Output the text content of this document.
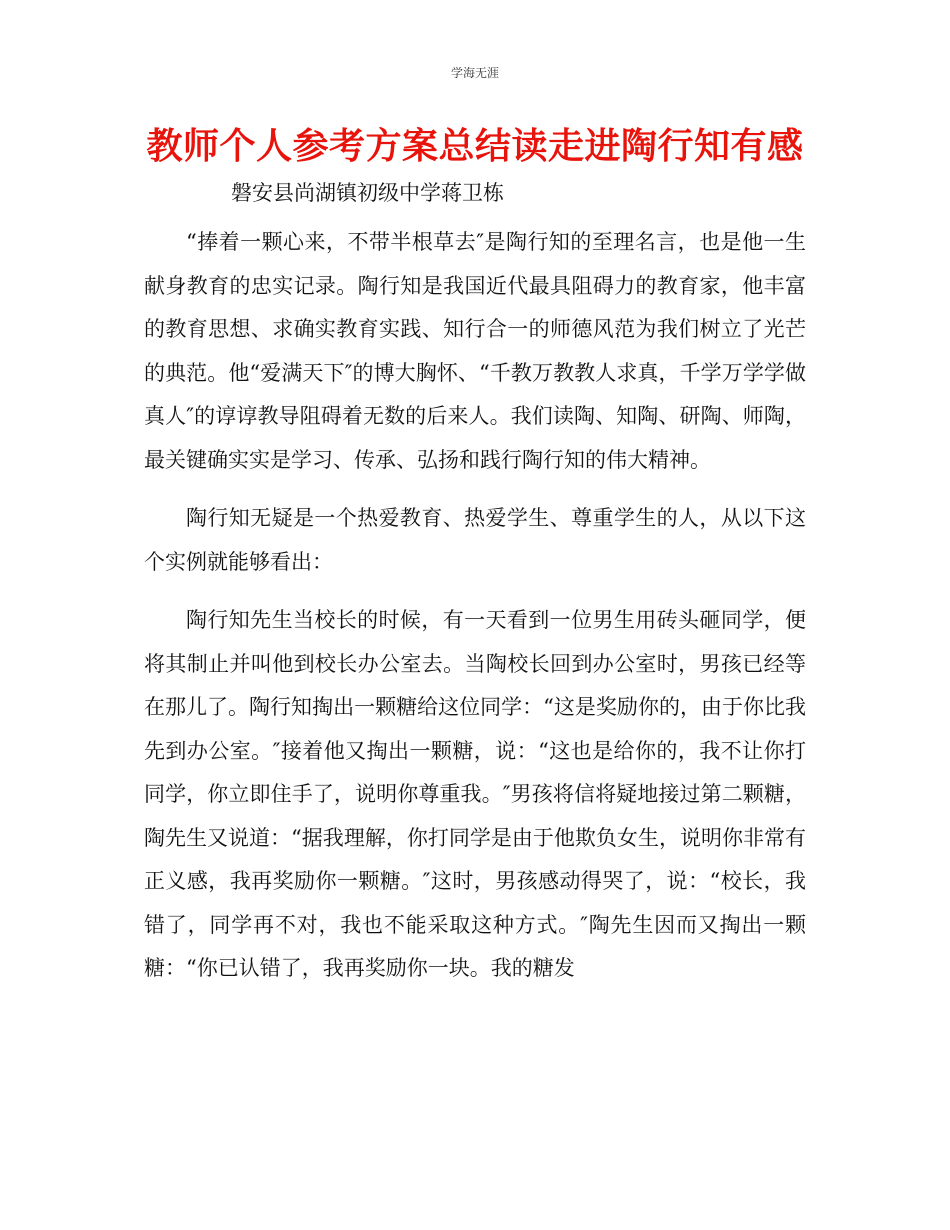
学海无涯
教师个人参考方案总结读走进陶行知有感

磐安县尚湖镇初级中学蒋卫栋

“捧着一颗心来，不带半根草去″是陶行知的至理名言，也是他一生献身教育的忠实记录。陶行知是我国近代最具阻碍力的教育家，他丰富的教育思想、求确实教育实践、知行合一的师德风范为我们树立了光芒的典范。他“爱满天下″的博大胸怀、“千教万教教人求真，千学万学学做真人″的谆谆教导阻碍着无数的后来人。我们读陶、知陶、研陶、师陶，最关键确实实是学习、传承、弘扬和践行陶行知的伟大精神。

陶行知无疑是一个热爱教育、热爱学生、尊重学生的人，从以下这个实例就能够看出：

陶行知先生当校长的时候，有一天看到一位男生用砖头砸同学，便将其制止并叫他到校长办公室去。当陶校长回到办公室时，男孩已经等在那儿了。陶行知掏出一颗糖给这位同学：“这是奖励你的，由于你比我先到办公室。″接着他又掏出一颗糖，说：“这也是给你的，我不让你打同学，你立即住手了，说明你尊重我。″男孩将信将疑地接过第二颗糖，陶先生又说道：“据我理解，你打同学是由于他欺负女生，说明你非常有正义感，我再奖励你一颗糖。″这时，男孩感动得哭了，说：“校长，我错了，同学再不对，我也不能采取这种方式。″陶先生因而又掏出一颗糖：“你已认错了，我再奖励你一块。我的糖发
